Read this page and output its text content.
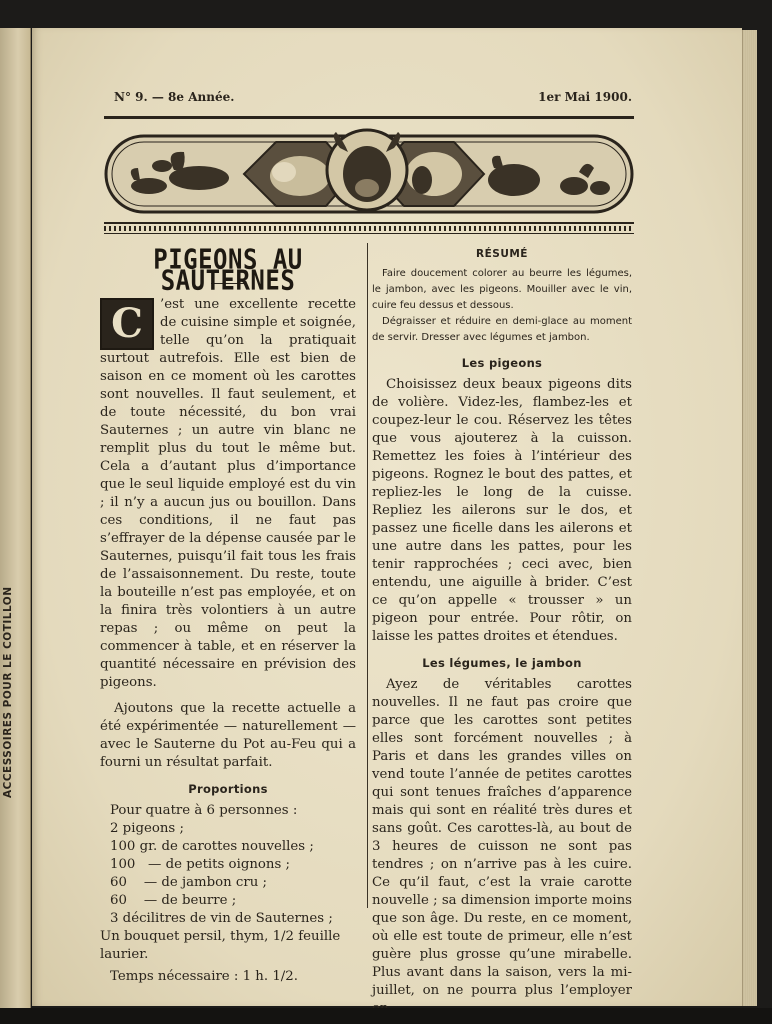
ACCESSOIRES POUR LE COTILLON
N° 9. — 8e Année.	1er Mai 1900.
PIGEONS AU SAUTERNES
C	’est une excellente recette de cuisine simple et soignée, telle qu’on la pratiquait surtout autrefois. Elle est bien de saison en ce moment où les carottes sont nouvelles. Il faut seulement, et de toute nécessité, du bon vrai Sauternes ; un autre vin blanc ne remplit plus du tout le même but. Cela a d’autant plus d’importance que le seul liquide employé est du vin ; il n’y a aucun jus ou bouillon. Dans ces conditions, il ne faut pas s’effrayer de la dépense causée par le Sauternes, puisqu’il fait tous les frais de l’assaisonnement. Du reste, toute la bouteille n’est pas employée, et on la finira très volontiers à un autre repas ; ou même on peut la commencer à table, et en réserver la quantité nécessaire en prévision des pigeons.

Ajoutons que la recette actuelle a été expérimentée — naturellement — avec le Sauterne du Pot au-Feu qui a fourni un résultat parfait.

Proportions

Pour quatre à 6 personnes :

2 pigeons ;

100 gr. de carottes nouvelles ;

100   — de petits oignons ;

60    — de jambon cru ;

60    — de beurre ;

3 décilitres de vin de Sauternes ;

Un bouquet persil, thym, 1/2 feuille laurier.

Temps nécessaire : 1 h. 1/2.

RÉSUMÉ

Faire doucement colorer au beurre les légumes, le jambon, avec les pigeons. Mouiller avec le vin, cuire feu dessus et dessous.

Dégraisser et réduire en demi-glace au moment de servir. Dresser avec légumes et jambon.

Les pigeons

Choisissez deux beaux pigeons dits de volière. Videz-les, flambez-les et coupez-leur le cou. Réservez les têtes que vous ajouterez à la cuisson. Remettez les foies à l’intérieur des pigeons. Rognez le bout des pattes, et repliez-les le long de la cuisse. Repliez les ailerons sur le dos, et passez une ficelle dans les ailerons et une autre dans les pattes, pour les tenir rapprochées ; ceci avec, bien entendu, une aiguille à brider. C’est ce qu’on appelle « trousser » un pigeon pour entrée. Pour rôtir, on laisse les pattes droites et étendues.

Les légumes, le jambon

Ayez de véritables carottes nouvelles. Il ne faut pas croire que parce que les carottes sont petites elles sont forcément nouvelles ; à Paris et dans les grandes villes on vend toute l’année de petites carottes qui sont tenues fraîches d’apparence mais qui sont en réalité très dures et sans goût. Ces carottes-là, au bout de 3 heures de cuisson ne sont pas tendres ; on n’arrive pas à les cuire. Ce qu’il faut, c’est la vraie carotte nouvelle ; sa dimension importe moins que son âge. Du reste, en ce moment, où elle est toute de primeur, elle n’est guère plus grosse qu’une mirabelle. Plus avant dans la saison, vers la mi-juillet, on ne pourra plus l’employer
